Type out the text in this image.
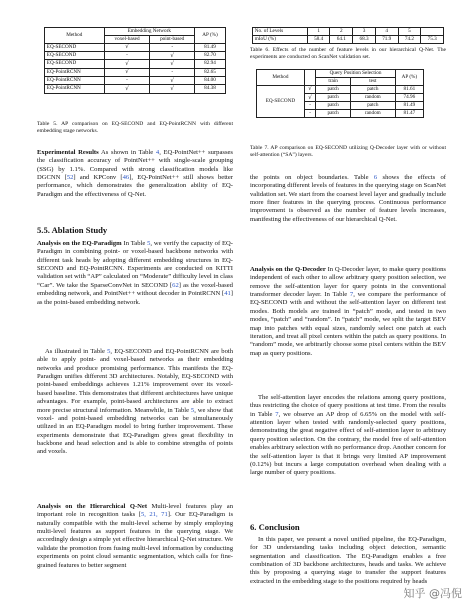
Method	Embedding Network		AP (%)
	voxel-based	point-based	
EQ-SECOND	√	-	81.49
EQ-SECOND	-	√	82.70
EQ-SECOND	√	√	82.94
EQ-PointRCNN	√	-	82.65
EQ-PointRCNN	-	√	84.00
EQ-PointRCNN	√	√	84.38

Table 5. AP comparison on EQ-SECOND and EQ-PointRCNN with different embedding stage networks.

Experimental Results As shown in Table 4, EQ-PointNet++ surpasses the classification accuracy of PointNet++ with single-scale grouping (SSG) by 1.1%. Compared with strong classification models like DGCNN [52] and KPConv [46], EQ-PointNet++ still shows better performance, which demonstrates the generalization ability of EQ-Paradigm and the effectiveness of Q-Net.

5.5. Ablation Study

Analysis on the EQ-Paradigm In Table 5, we verify the capacity of EQ-Paradigm in combining point- or voxel-based backbone networks with different task heads by adopting different embedding structures in EQ-SECOND and EQ-PointRCNN. Experiments are conducted on KITTI validation set with “AP” calculated on “Moderate” difficulty level in class “Car”. We take the SparseConvNet in SECOND [62] as the voxel-based embedding network, and PointNet++ without decoder in PointRCNN [41] as the point-based embedding network.

As illustrated in Table 5, EQ-SECOND and EQ-PointRCNN are both able to apply point- and voxel-based networks as their embedding networks and produce promising performance. This manifests the EQ-Paradigm unifies different 3D architectures. Notably, EQ-SECOND with point-based embeddings achieves 1.21% improvement over its voxel-based baseline. This demonstrates that different architectures have unique advantages. For example, point-based architectures are able to extract more precise structural information. Meanwhile, in Table 5, we show that voxel- and point-based embedding networks can be simultaneously utilized in an EQ-Paradigm model to bring further improvement. These experiments demonstrate that EQ-Paradigm gives great flexibility in backbone and head selection and is able to combine strengths of points and voxels.

Analysis on the Hierarchical Q-Net Multi-level features play an important role in recognition tasks [5, 21, 71]. Our EQ-Paradigm is naturally compatible with the multi-level scheme by simply employing multi-level features as support features in the querying stage. We accordingly design a simple yet effective hierarchical Q-Net structure. We validate the promotion from fusing multi-level information by conducting experiments on point cloud semantic segmentation, which calls for fine-grained features to better segment

No. of Levels	1	2	3	4	5	
mIoU (%)	58.4	64.1	68.3	71.9	74.2	75.3

Table 6. Effects of the number of feature levels in our hierarchical Q-Net. The experiments are conducted on ScanNet validation set.

Method		Query Position Selection		AP (%)
		train	test	
EQ-SECOND	√	patch	patch	81.61
	√	patch	random	74.96
	-	patch	patch	81.49
	-	patch	random	81.47

Table 7. AP comparison on EQ-SECOND utilizing Q-Decoder layer with or without self-attention (“SA”) layers.

the points on object boundaries. Table 6 shows the effects of incorporating different levels of features in the querying stage on ScanNet validation set. We start from the coarsest level layer and gradually include more finer features in the querying process. Continuous performance improvement is observed as the number of feature levels increases, manifesting the effectiveness of our hierarchical Q-Net.

Analysis on the Q-Decoder In Q-Decoder layer, to make query positions independent of each other to allow arbitrary query position selection, we remove the self-attention layer for query points in the conventional transformer decoder layer. In Table 7, we compare the performance of EQ-SECOND with and without the self-attention layer on different test modes. Both models are trained in “patch” mode, and tested in two modes, “patch” and “random”. In “patch” mode, we split the target BEV map into patches with equal sizes, randomly select one patch at each iteration, and treat all pixel centers within the patch as query positions. In “random” mode, we arbitrarily choose some pixel centers within the BEV map as query positions.

The self-attention layer encodes the relations among query positions, thus restricting the choice of query positions at test time. From the results in Table 7, we observe an AP drop of 6.65% on the model with self-attention layer when tested with randomly-selected query positions, demonstrating the great negative effect of self-attention layer to arbitrary query position selection. On the contrary, the model free of self-attention enables arbitrary selection with no performance drop. Another concern for the self-attention layer is that it brings very limited AP improvement (0.12%) but incurs a large computation overhead when dealing with a large number of query positions.

6. Conclusion

In this paper, we present a novel unified pipeline, the EQ-Paradigm, for 3D understanding tasks including object detection, semantic segmentation and classification. The EQ-Paradigm enables a free combination of 3D backbone architectures, heads and tasks. We achieve this by proposing a querying stage to transfer the support features extracted in the embedding stage to the positions required by heads

知乎 @冯倪
